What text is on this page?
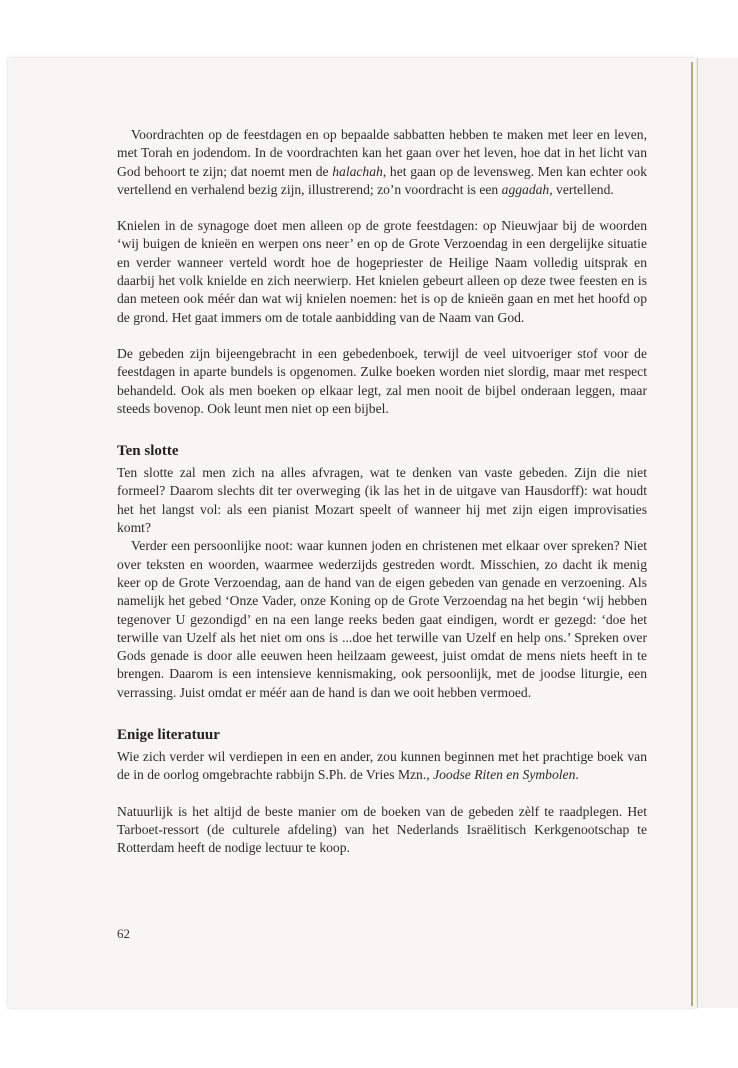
Voordrachten op de feestdagen en op bepaalde sabbatten hebben te maken met leer en leven, met Torah en jodendom. In de voordrachten kan het gaan over het leven, hoe dat in het licht van God behoort te zijn; dat noemt men de halachah, het gaan op de levensweg. Men kan echter ook vertellend en verhalend bezig zijn, illustrerend; zo’n voordracht is een aggadah, vertellend.

Knielen in de synagoge doet men alleen op de grote feestdagen: op Nieuwjaar bij de woorden ‘wij buigen de knieën en werpen ons neer’ en op de Grote Verzoendag in een dergelijke situatie en verder wanneer verteld wordt hoe de hogepriester de Heilige Naam volledig uitsprak en daarbij het volk knielde en zich neerwierp. Het knielen gebeurt alleen op deze twee feesten en is dan meteen ook méér dan wat wij knielen noemen: het is op de knieën gaan en met het hoofd op de grond. Het gaat immers om de totale aanbidding van de Naam van God.

De gebeden zijn bijeengebracht in een gebedenboek, terwijl de veel uitvoeriger stof voor de feestdagen in aparte bundels is opgenomen. Zulke boeken worden niet slordig, maar met respect behandeld. Ook als men boeken op elkaar legt, zal men nooit de bijbel onderaan leggen, maar steeds bovenop. Ook leunt men niet op een bijbel.

Ten slotte

Ten slotte zal men zich na alles afvragen, wat te denken van vaste gebeden. Zijn die niet formeel? Daarom slechts dit ter overweging (ik las het in de uitgave van Hausdorff): wat houdt het het langst vol: als een pianist Mozart speelt of wanneer hij met zijn eigen improvisaties komt?

Verder een persoonlijke noot: waar kunnen joden en christenen met elkaar over spreken? Niet over teksten en woorden, waarmee wederzijds gestreden wordt. Misschien, zo dacht ik menig keer op de Grote Verzoendag, aan de hand van de eigen gebeden van genade en verzoening. Als namelijk het gebed ‘Onze Vader, onze Koning op de Grote Verzoendag na het begin ‘wij hebben tegenover U gezondigd’ en na een lange reeks beden gaat eindigen, wordt er gezegd: ‘doe het terwille van Uzelf als het niet om ons is ...doe het terwille van Uzelf en help ons.’ Spreken over Gods genade is door alle eeuwen heen heilzaam geweest, juist omdat de mens niets heeft in te brengen. Daarom is een intensieve kennismaking, ook persoonlijk, met de joodse liturgie, een verrassing. Juist omdat er méér aan de hand is dan we ooit hebben vermoed.

Enige literatuur

Wie zich verder wil verdiepen in een en ander, zou kunnen beginnen met het prachtige boek van de in de oorlog omgebrachte rabbijn S.Ph. de Vries Mzn., Joodse Riten en Symbolen.

Natuurlijk is het altijd de beste manier om de boeken van de gebeden zèlf te raadplegen. Het Tarboet-ressort (de culturele afdeling) van het Nederlands Israëlitisch Kerkgenootschap te Rotterdam heeft de nodige lectuur te koop.

62
